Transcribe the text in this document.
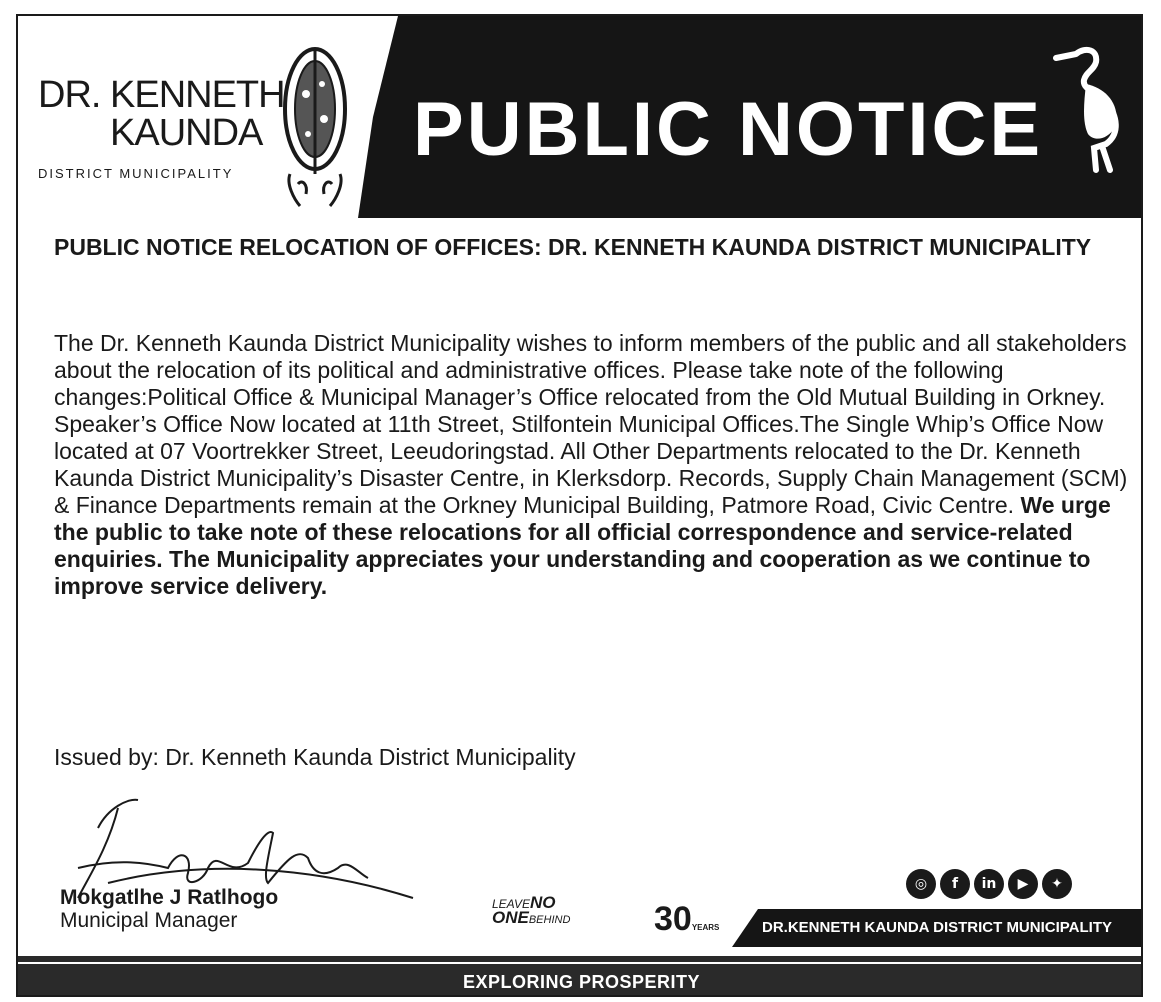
PUBLIC NOTICE
DR. KENNETH
KAUNDA
DISTRICT MUNICIPALITY
PUBLIC NOTICE RELOCATION OF OFFICES: DR. KENNETH KAUNDA DISTRICT MUNICIPALITY
The Dr. Kenneth Kaunda District Municipality wishes to inform members of the public and all stakeholders about the relocation of its political and administrative offices. Please take note of the following changes:Political Office & Municipal Manager’s Office relocated from the Old Mutual Building in Orkney. Speaker’s Office Now located at 11th Street, Stilfontein Municipal Offices.The Single Whip’s Office Now located at 07 Voortrekker Street, Leeudoringstad. All Other Departments relocated to the Dr. Kenneth Kaunda District Municipality’s Disaster Centre, in Klerksdorp. Records, Supply Chain Management (SCM) & Finance Departments remain at the Orkney Municipal Building, Patmore Road, Civic Centre. We urge the public to take note of these relocations for all official correspondence and service-related enquiries. The Municipality appreciates your understanding and cooperation as we continue to improve service delivery.
Issued by: Dr. Kenneth Kaunda District Municipality
Mokgatlhe J Ratlhogo
Municipal Manager
LEAVENO
ONEBEHIND 30YEARS
◎	f	in	▶	✦
DR.KENNETH KAUNDA DISTRICT MUNICIPALITY
EXPLORING PROSPERITY
